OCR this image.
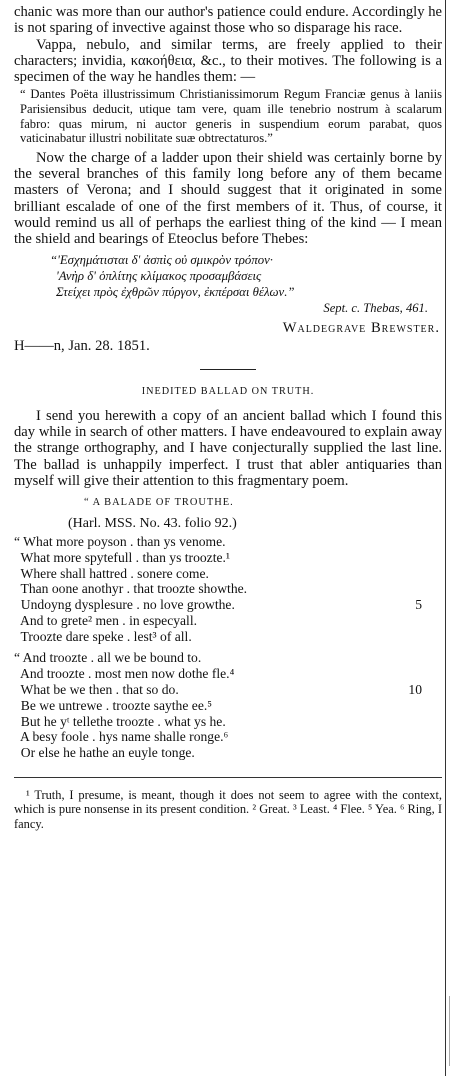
chanic was more than our author's patience could endure. Accordingly he is not sparing of invective against those who so disparage his race.

Vappa, nebulo, and similar terms, are freely applied to their characters; invidia, κακοήθεια, &c., to their motives. The following is a specimen of the way he handles them: —

“ Dantes Poëta illustrissimum Christianissimorum Regum Franciæ genus à laniis Parisiensibus deducit, utique tam vere, quam ille tenebrio nostrum à scalarum fabro: quas mirum, ni auctor generis in suspendium eorum parabat, quos vaticinabatur illustri nobilitate suæ obtrectaturos.”

Now the charge of a ladder upon their shield was certainly borne by the several branches of this family long before any of them became masters of Verona; and I should suggest that it originated in some brilliant escalade of one of the first members of it. Thus, of course, it would remind us all of perhaps the earliest thing of the kind — I mean the shield and bearings of Eteoclus before Thebes:

“'Εσχημάτισται δ' ἀσπὶς οὐ σμικρὸν τρόπον·
'Ανὴρ δ' ὁπλίτης κλίμακος προσαμβάσεις
Στείχει πρὸς ἐχθρῶν πύργον, ἐκπέρσαι θέλων.”
Sept. c. Thebas, 461.
Waldegrave Brewster.
H——n, Jan. 28. 1851.
INEDITED BALLAD ON TRUTH.

I send you herewith a copy of an ancient ballad which I found this day while in search of other matters. I have endeavoured to explain away the strange orthography, and I have conjecturally supplied the last line. The ballad is unhappily imperfect. I trust that abler antiquaries than myself will give their attention to this fragmentary poem.

“ A BALADE OF TROUTHE.
(Harl. MSS. No. 43. folio 92.)
“ What more poyson . than ys venome.
What more spytefull . than ys troozte.¹
Where shall hattred . sonere come.
Than oone anothyr . that troozte showthe.
Undoyng dysplesure . no love growthe.	5
And to grete² men . in especyall.
Troozte dare speke . lest³ of all.
“ And troozte . all we be bound to.
And troozte . most men now dothe fle.⁴
What be we then . that so do.	10
Be we untrewe . troozte saythe ee.⁵
But he yᵗ tellethe troozte . what ys he.
A besy foole . hys name shalle ronge.⁶
Or else he hathe an euyle tonge.

¹ Truth, I presume, is meant, though it does not seem to agree with the context, which is pure nonsense in its present condition. ² Great. ³ Least. ⁴ Flee. ⁵ Yea. ⁶ Ring, I fancy.
